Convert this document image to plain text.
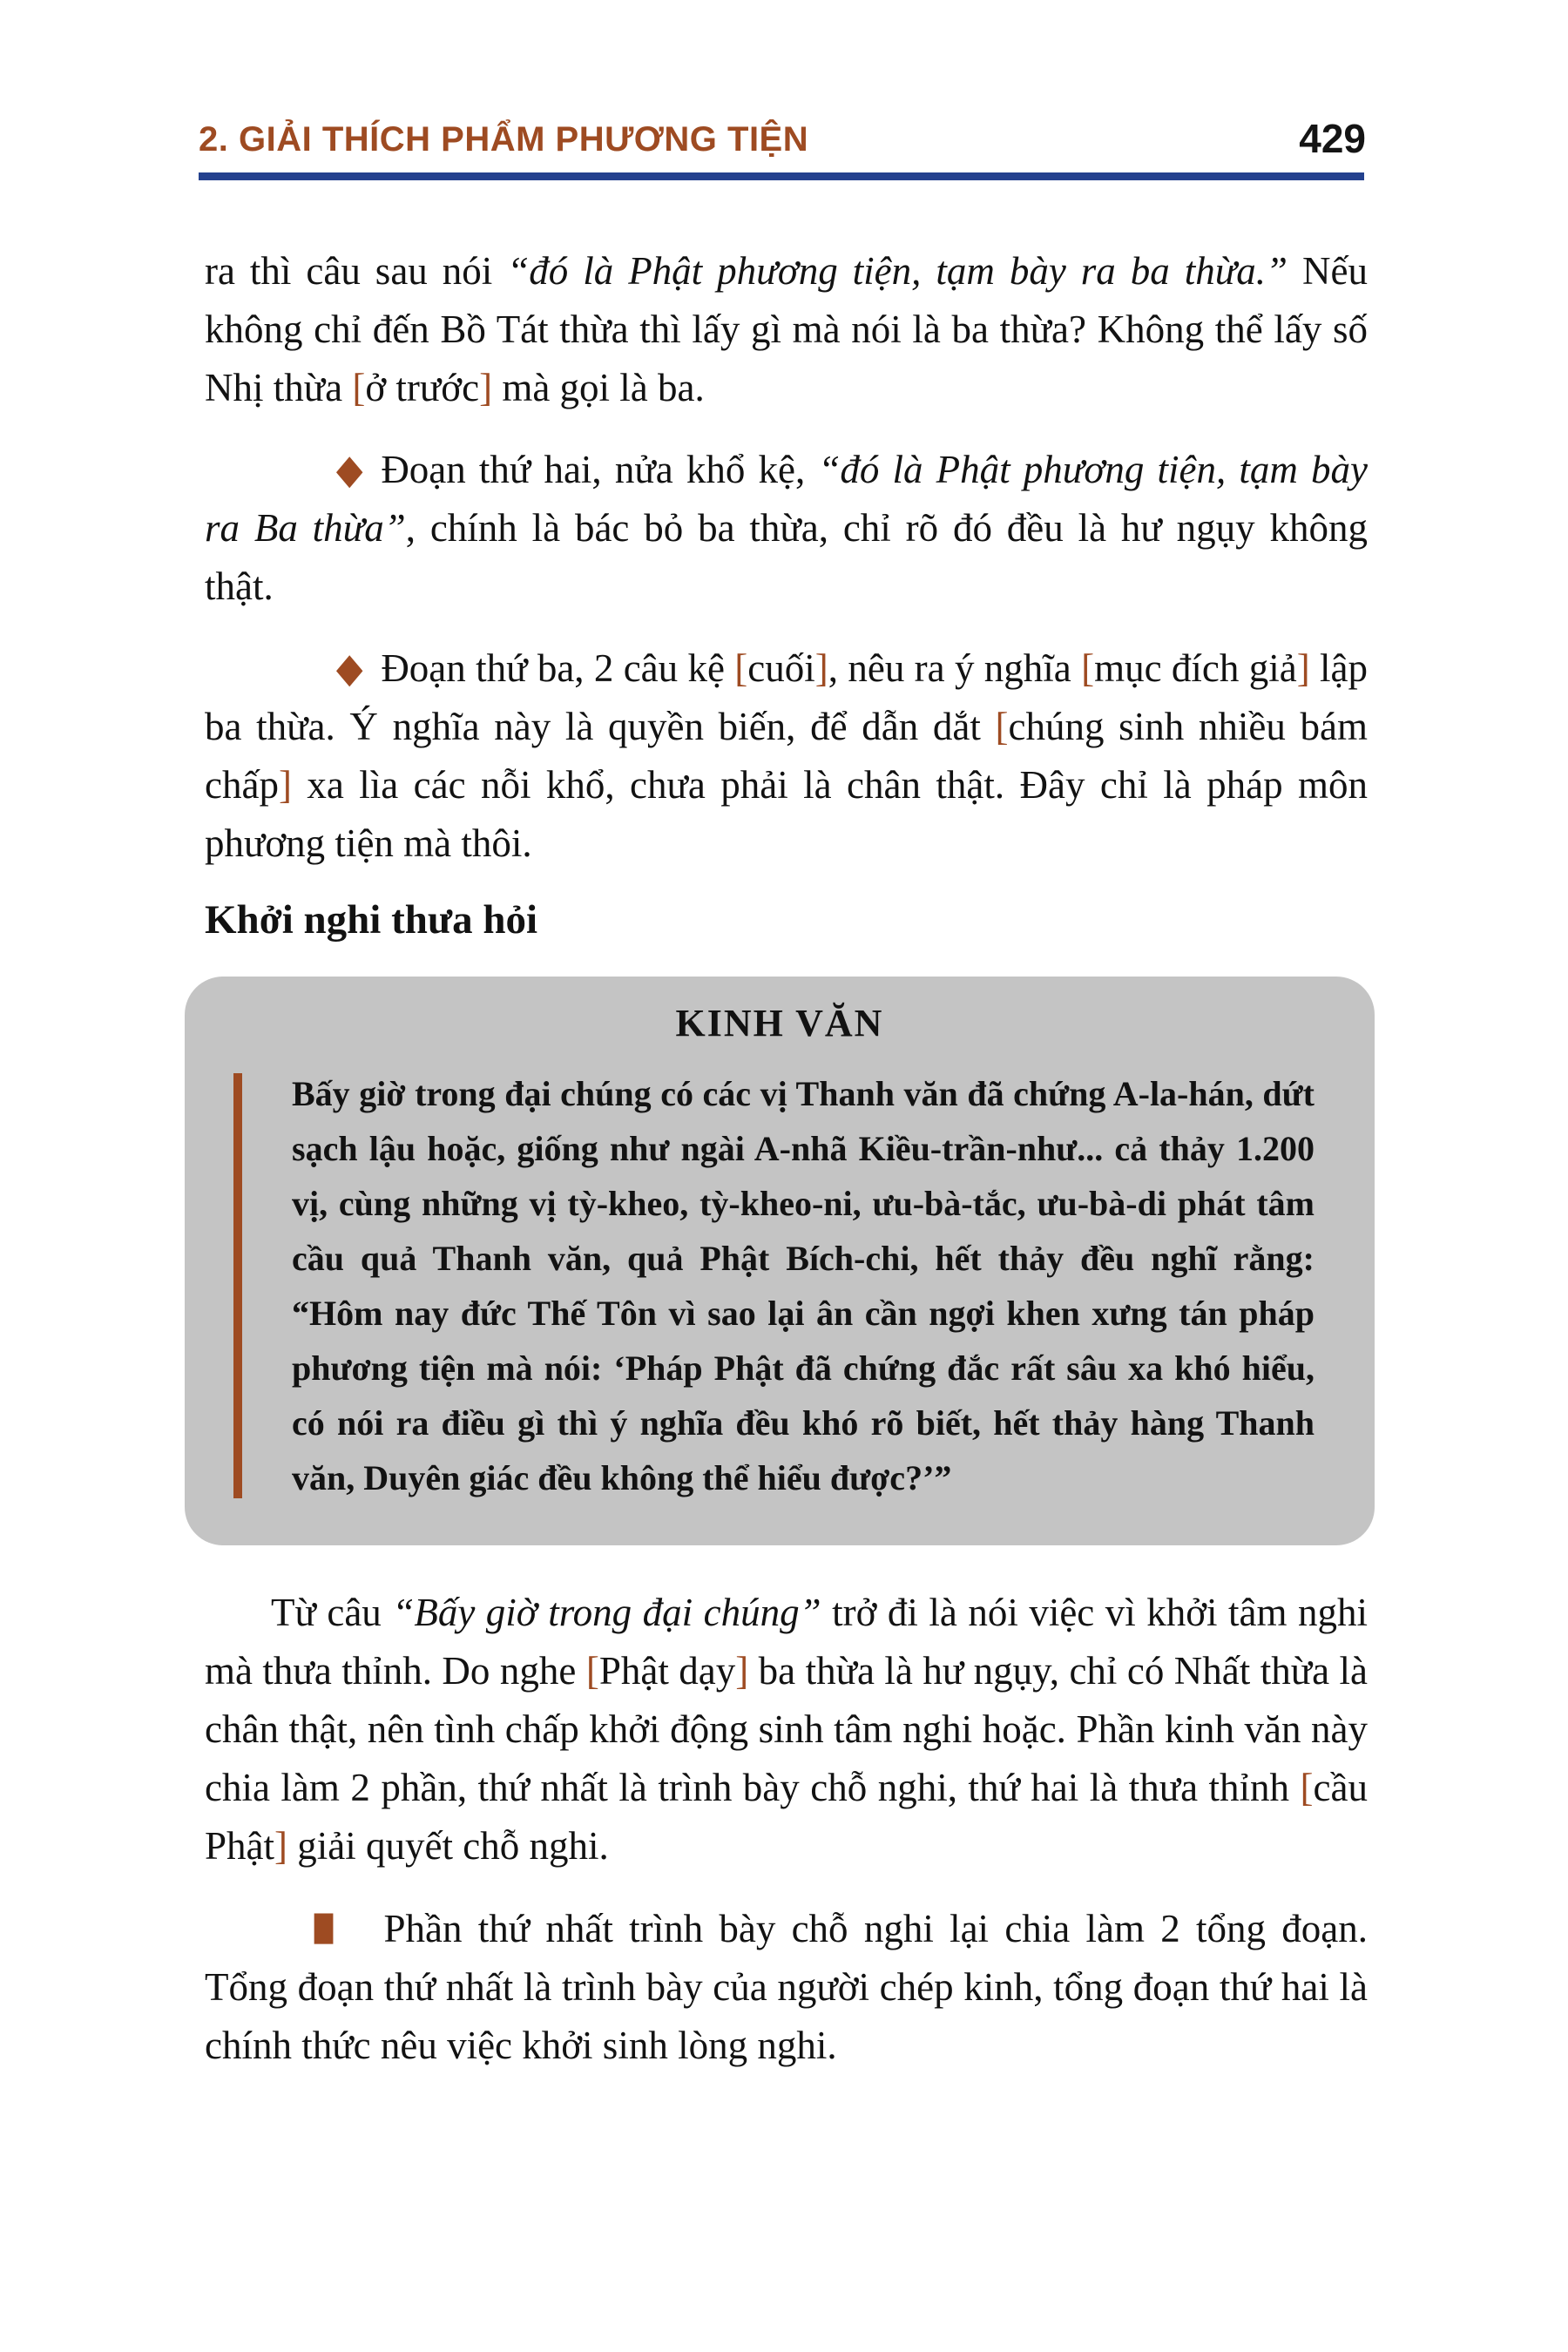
2. GIẢI THÍCH PHẨM PHƯƠNG TIỆN	429

ra thì câu sau nói “đó là Phật phương tiện, tạm bày ra ba thừa.” Nếu không chỉ đến Bồ Tát thừa thì lấy gì mà nói là ba thừa? Không thể lấy số Nhị thừa [ở trước] mà gọi là ba.

◆ Đoạn thứ hai, nửa khổ kệ, “đó là Phật phương tiện, tạm bày ra Ba thừa”, chính là bác bỏ ba thừa, chỉ rõ đó đều là hư ngụy không thật.

◆ Đoạn thứ ba, 2 câu kệ [cuối], nêu ra ý nghĩa [mục đích giả] lập ba thừa. Ý nghĩa này là quyền biến, để dẫn dắt [chúng sinh nhiều bám chấp] xa lìa các nỗi khổ, chưa phải là chân thật. Đây chỉ là pháp môn phương tiện mà thôi.

Khởi nghi thưa hỏi
KINH VĂN

Bấy giờ trong đại chúng có các vị Thanh văn đã chứng A-la-hán, dứt sạch lậu hoặc, giống như ngài A-nhã Kiều-trần-như... cả thảy 1.200 vị, cùng những vị tỳ-kheo, tỳ-kheo-ni, ưu-bà-tắc, ưu-bà-di phát tâm cầu quả Thanh văn, quả Phật Bích-chi, hết thảy đều nghĩ rằng: “Hôm nay đức Thế Tôn vì sao lại ân cần ngợi khen xưng tán pháp phương tiện mà nói: ‘Pháp Phật đã chứng đắc rất sâu xa khó hiểu, có nói ra điều gì thì ý nghĩa đều khó rõ biết, hết thảy hàng Thanh văn, Duyên giác đều không thể hiểu được?’”

Từ câu “Bấy giờ trong đại chúng” trở đi là nói việc vì khởi tâm nghi mà thưa thỉnh. Do nghe [Phật dạy] ba thừa là hư ngụy, chỉ có Nhất thừa là chân thật, nên tình chấp khởi động sinh tâm nghi hoặc. Phần kinh văn này chia làm 2 phần, thứ nhất là trình bày chỗ nghi, thứ hai là thưa thỉnh [cầu Phật] giải quyết chỗ nghi.

■ Phần thứ nhất trình bày chỗ nghi lại chia làm 2 tổng đoạn. Tổng đoạn thứ nhất là trình bày của người chép kinh, tổng đoạn thứ hai là chính thức nêu việc khởi sinh lòng nghi.
